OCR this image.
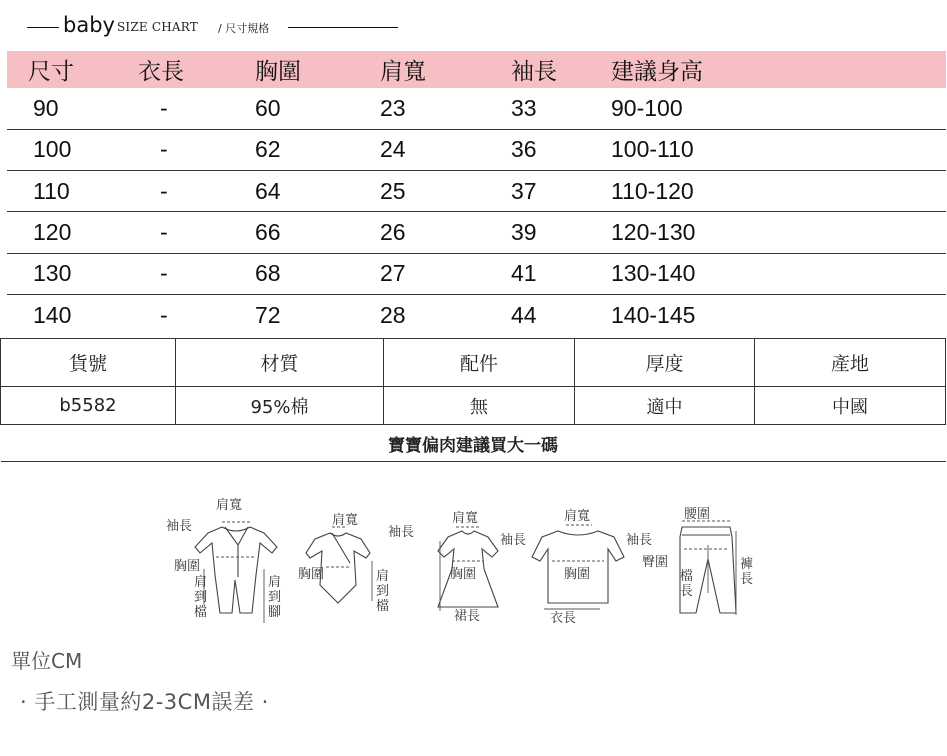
baby SIZE CHART / 尺寸規格
尺寸	衣長	胸圍	肩寬	袖長	建議身高
90	-	60	23	33	90-100
100	-	62	24	36	100-110
110	-	64	25	37	110-120
120	-	66	26	39	120-130
130	-	68	27	41	130-140
140	-	72	28	44	140-145
貨號	材質	配件	厚度	產地
b5582	95%棉	無	適中	中國
寶寶偏肉建議買大一碼				
肩寬
袖長
胸圍
肩到檔
肩到腳
肩寬
袖長
胸圍	肩到檔
肩寬
袖長
胸圍
裙長
肩寬
袖長
胸圍
衣長
腰圍
臀圍
檔長
褲長
單位CM
· 手工測量約2-3CM誤差 ·
